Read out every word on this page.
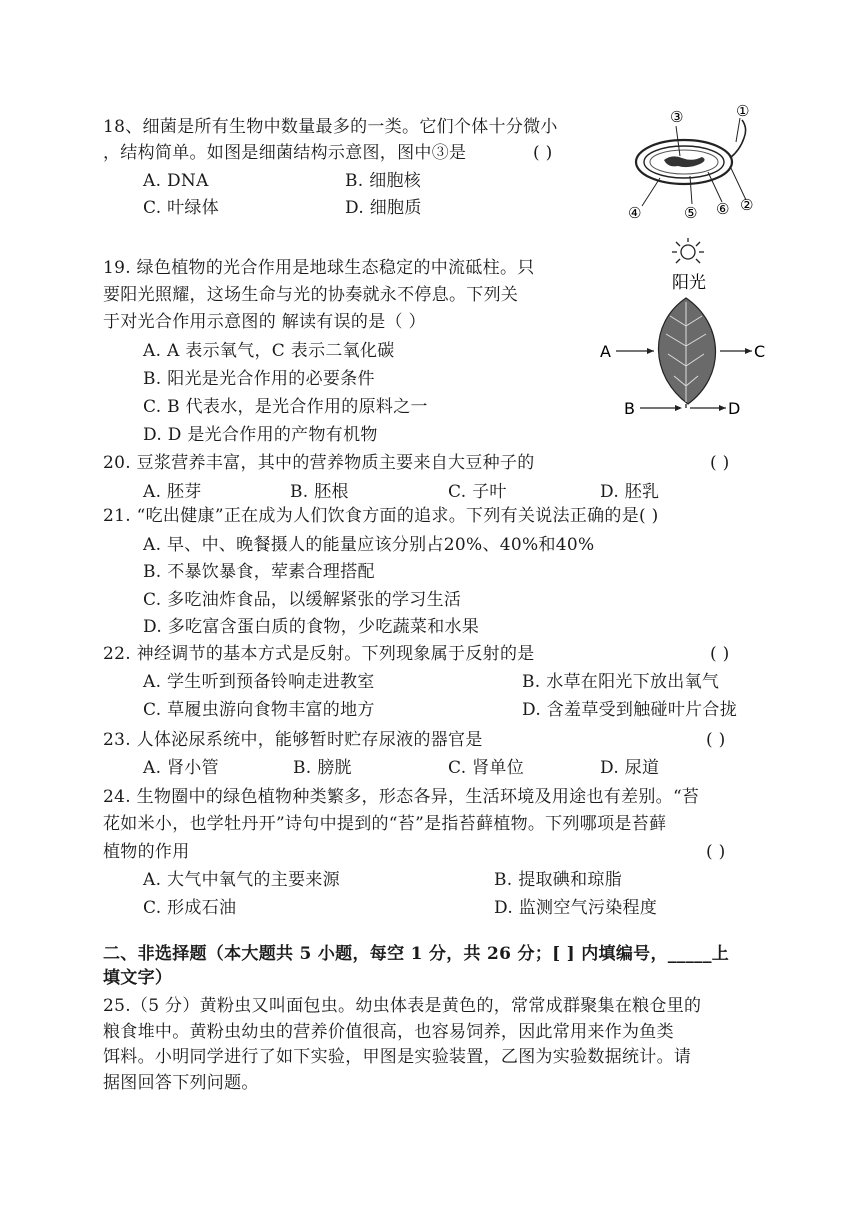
18、细菌是所有生物中数量最多的一类。它们个体十分微小
，结构简单。如图是细菌结构示意图，图中③是	( )
A. DNA	B. 细胞核
C. 叶绿体	D. 细胞质
③	①
④	⑤ ⑥ ②
19. 绿色植物的光合作用是地球生态稳定的中流砥柱。只
要阳光照耀，这场生命与光的协奏就永不停息。下列关
于对光合作用示意图的 解读有误的是（ ）
A. A 表示氧气，C 表示二氧化碳
B. 阳光是光合作用的必要条件
C. B 代表水，是光合作用的原料之一
D. D 是光合作用的产物有机物
阳光
A	C
B	D
20. 豆浆营养丰富，其中的营养物质主要来自大豆种子的	( )
A. 胚芽	B. 胚根	C. 子叶	D. 胚乳
21. “吃出健康”正在成为人们饮食方面的追求。下列有关说法正确的是( )
A. 早、中、晚餐摄人的能量应该分别占20%、40%和40%
B. 不暴饮暴食，荤素合理搭配
C. 多吃油炸食品，以缓解紧张的学习生活
D. 多吃富含蛋白质的食物，少吃蔬菜和水果
22. 神经调节的基本方式是反射。下列现象属于反射的是	( )
A. 学生听到预备铃响走进教室	B. 水草在阳光下放出氧气
C. 草履虫游向食物丰富的地方	D. 含羞草受到触碰叶片合拢
23. 人体泌尿系统中，能够暂时贮存尿液的器官是	( )
A. 肾小管	B. 膀胱	C. 肾单位	D. 尿道
24. 生物圈中的绿色植物种类繁多，形态各异，生活环境及用途也有差别。“苔
花如米小，也学牡丹开”诗句中提到的“苔”是指苔藓植物。下列哪项是苔藓
植物的作用	( )
A. 大气中氧气的主要来源	B. 提取碘和琼脂
C. 形成石油	D. 监测空气污染程度
二、非选择题（本大题共 5 小题，每空 1 分，共 26 分；[ ] 内填编号，_____上
填文字）
25.（5 分）黄粉虫又叫面包虫。幼虫体表是黄色的，常常成群聚集在粮仓里的
粮食堆中。黄粉虫幼虫的营养价值很高，也容易饲养，因此常用来作为鱼类
饵料。小明同学进行了如下实验，甲图是实验装置，乙图为实验数据统计。请
据图回答下列问题。
